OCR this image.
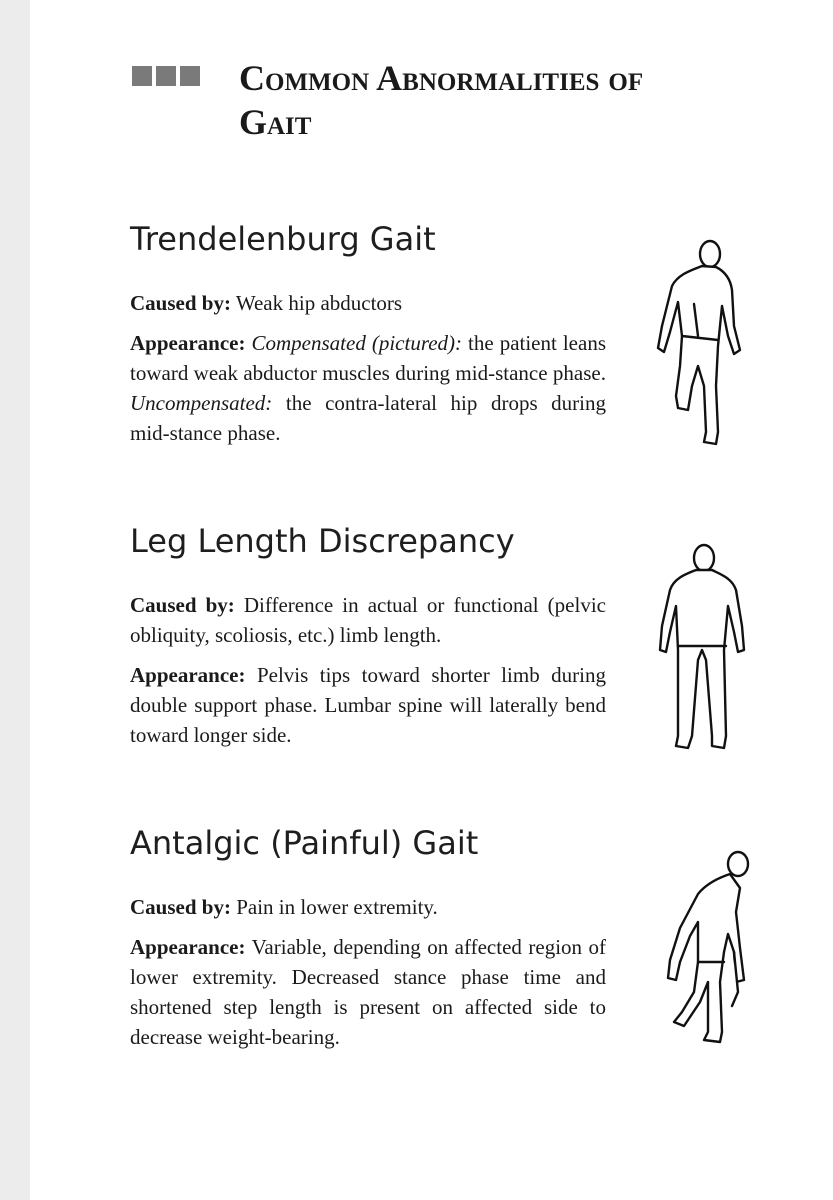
Common Abnormalities of Gait
Trendelenburg Gait

Caused by: Weak hip abductors

Appearance: Compensated (pictured): the patient leans toward weak abductor muscles during mid-stance phase. Uncompensated: the contra-lateral hip drops during mid-stance phase.

Leg Length Discrepancy

Caused by: Difference in actual or functional (pelvic obliquity, scoliosis, etc.) limb length.

Appearance: Pelvis tips toward shorter limb during double support phase. Lumbar spine will laterally bend toward longer side.

Antalgic (Painful) Gait

Caused by: Pain in lower extremity.

Appearance: Variable, depending on affected region of lower extremity. Decreased stance phase time and shortened step length is present on affected side to decrease weight-bearing.
